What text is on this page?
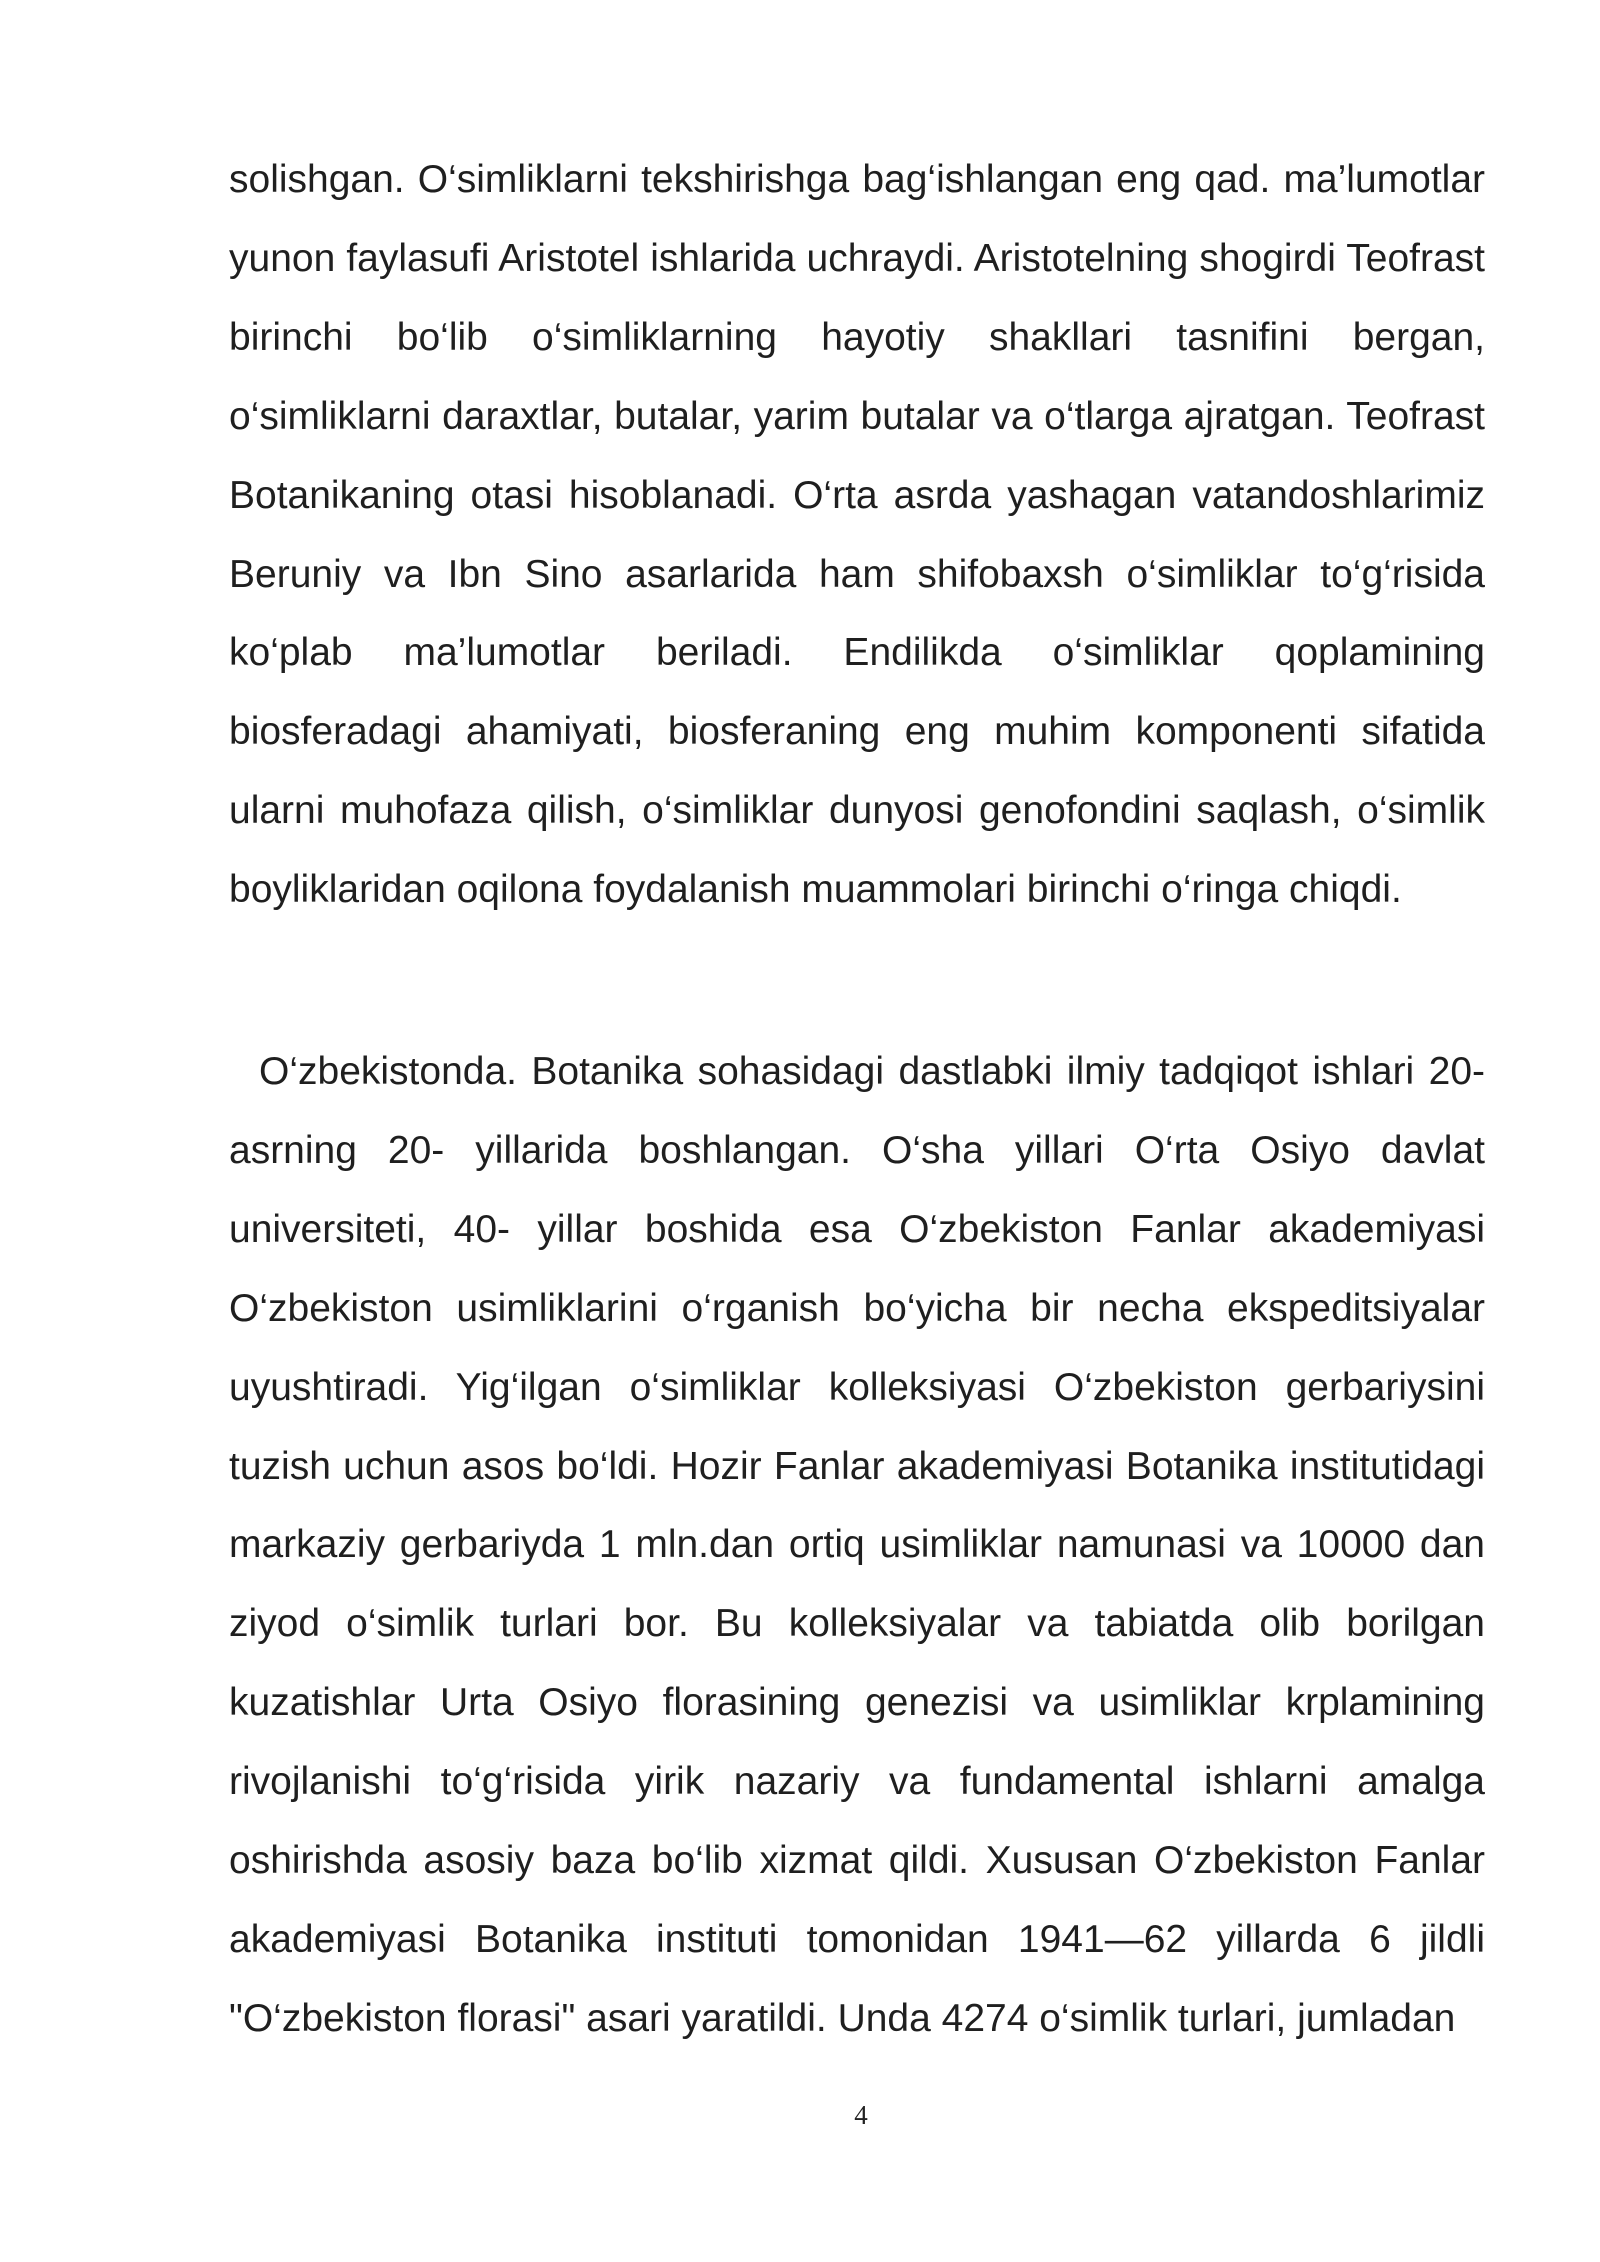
solishgan. O‘simliklarni tekshirishga bag‘ishlangan eng qad. ma’lumotlar yunon faylasufi Aristotel ishlarida uchraydi. Aristotelning shogirdi Teofrast birinchi bo‘lib o‘simliklarning hayotiy shakllari tasnifini bergan, o‘simliklarni daraxtlar, butalar, yarim butalar va o‘tlarga ajratgan. Teofrast Botanikaning otasi hisoblanadi. O‘rta asrda yashagan vatandoshlarimiz Beruniy va Ibn Sino asarlarida ham shifobaxsh o‘simliklar to‘g‘risida ko‘plab ma’lumotlar beriladi. Endilikda o‘simliklar qoplamining biosferadagi ahamiyati, biosferaning eng muhim komponenti sifatida ularni muhofaza qilish, o‘simliklar dunyosi genofondini saqlash, o‘simlik boyliklaridan oqilona foydalanish muammolari birinchi o‘ringa chiqdi.

O‘zbekistonda. Botanika sohasidagi dastlabki ilmiy tadqiqot ishlari 20-asrning 20- yillarida boshlangan. O‘sha yillari O‘rta Osiyo davlat universiteti, 40- yillar boshida esa O‘zbekiston Fanlar akademiyasi O‘zbekiston usimliklarini o‘rganish bo‘yicha bir necha ekspeditsiyalar uyushtiradi. Yig‘ilgan o‘simliklar kolleksiyasi O‘zbekiston gerbariysini tuzish uchun asos bo‘ldi. Hozir Fanlar akademiyasi Botanika institutidagi markaziy gerbariyda 1 mln.dan ortiq usimliklar namunasi va 10000 dan ziyod o‘simlik turlari bor. Bu kolleksiyalar va tabiatda olib borilgan kuzatishlar Urta Osiyo florasining genezisi va usimliklar krplamining rivojlanishi to‘g‘risida yirik nazariy va fundamental ishlarni amalga oshirishda asosiy baza bo‘lib xizmat qildi. Xususan O‘zbekiston Fanlar akademiyasi Botanika instituti tomonidan 1941—62 yillarda 6 jildli "O‘zbekiston florasi" asari yaratildi. Unda 4274 o‘simlik turlari, jumladan

4
